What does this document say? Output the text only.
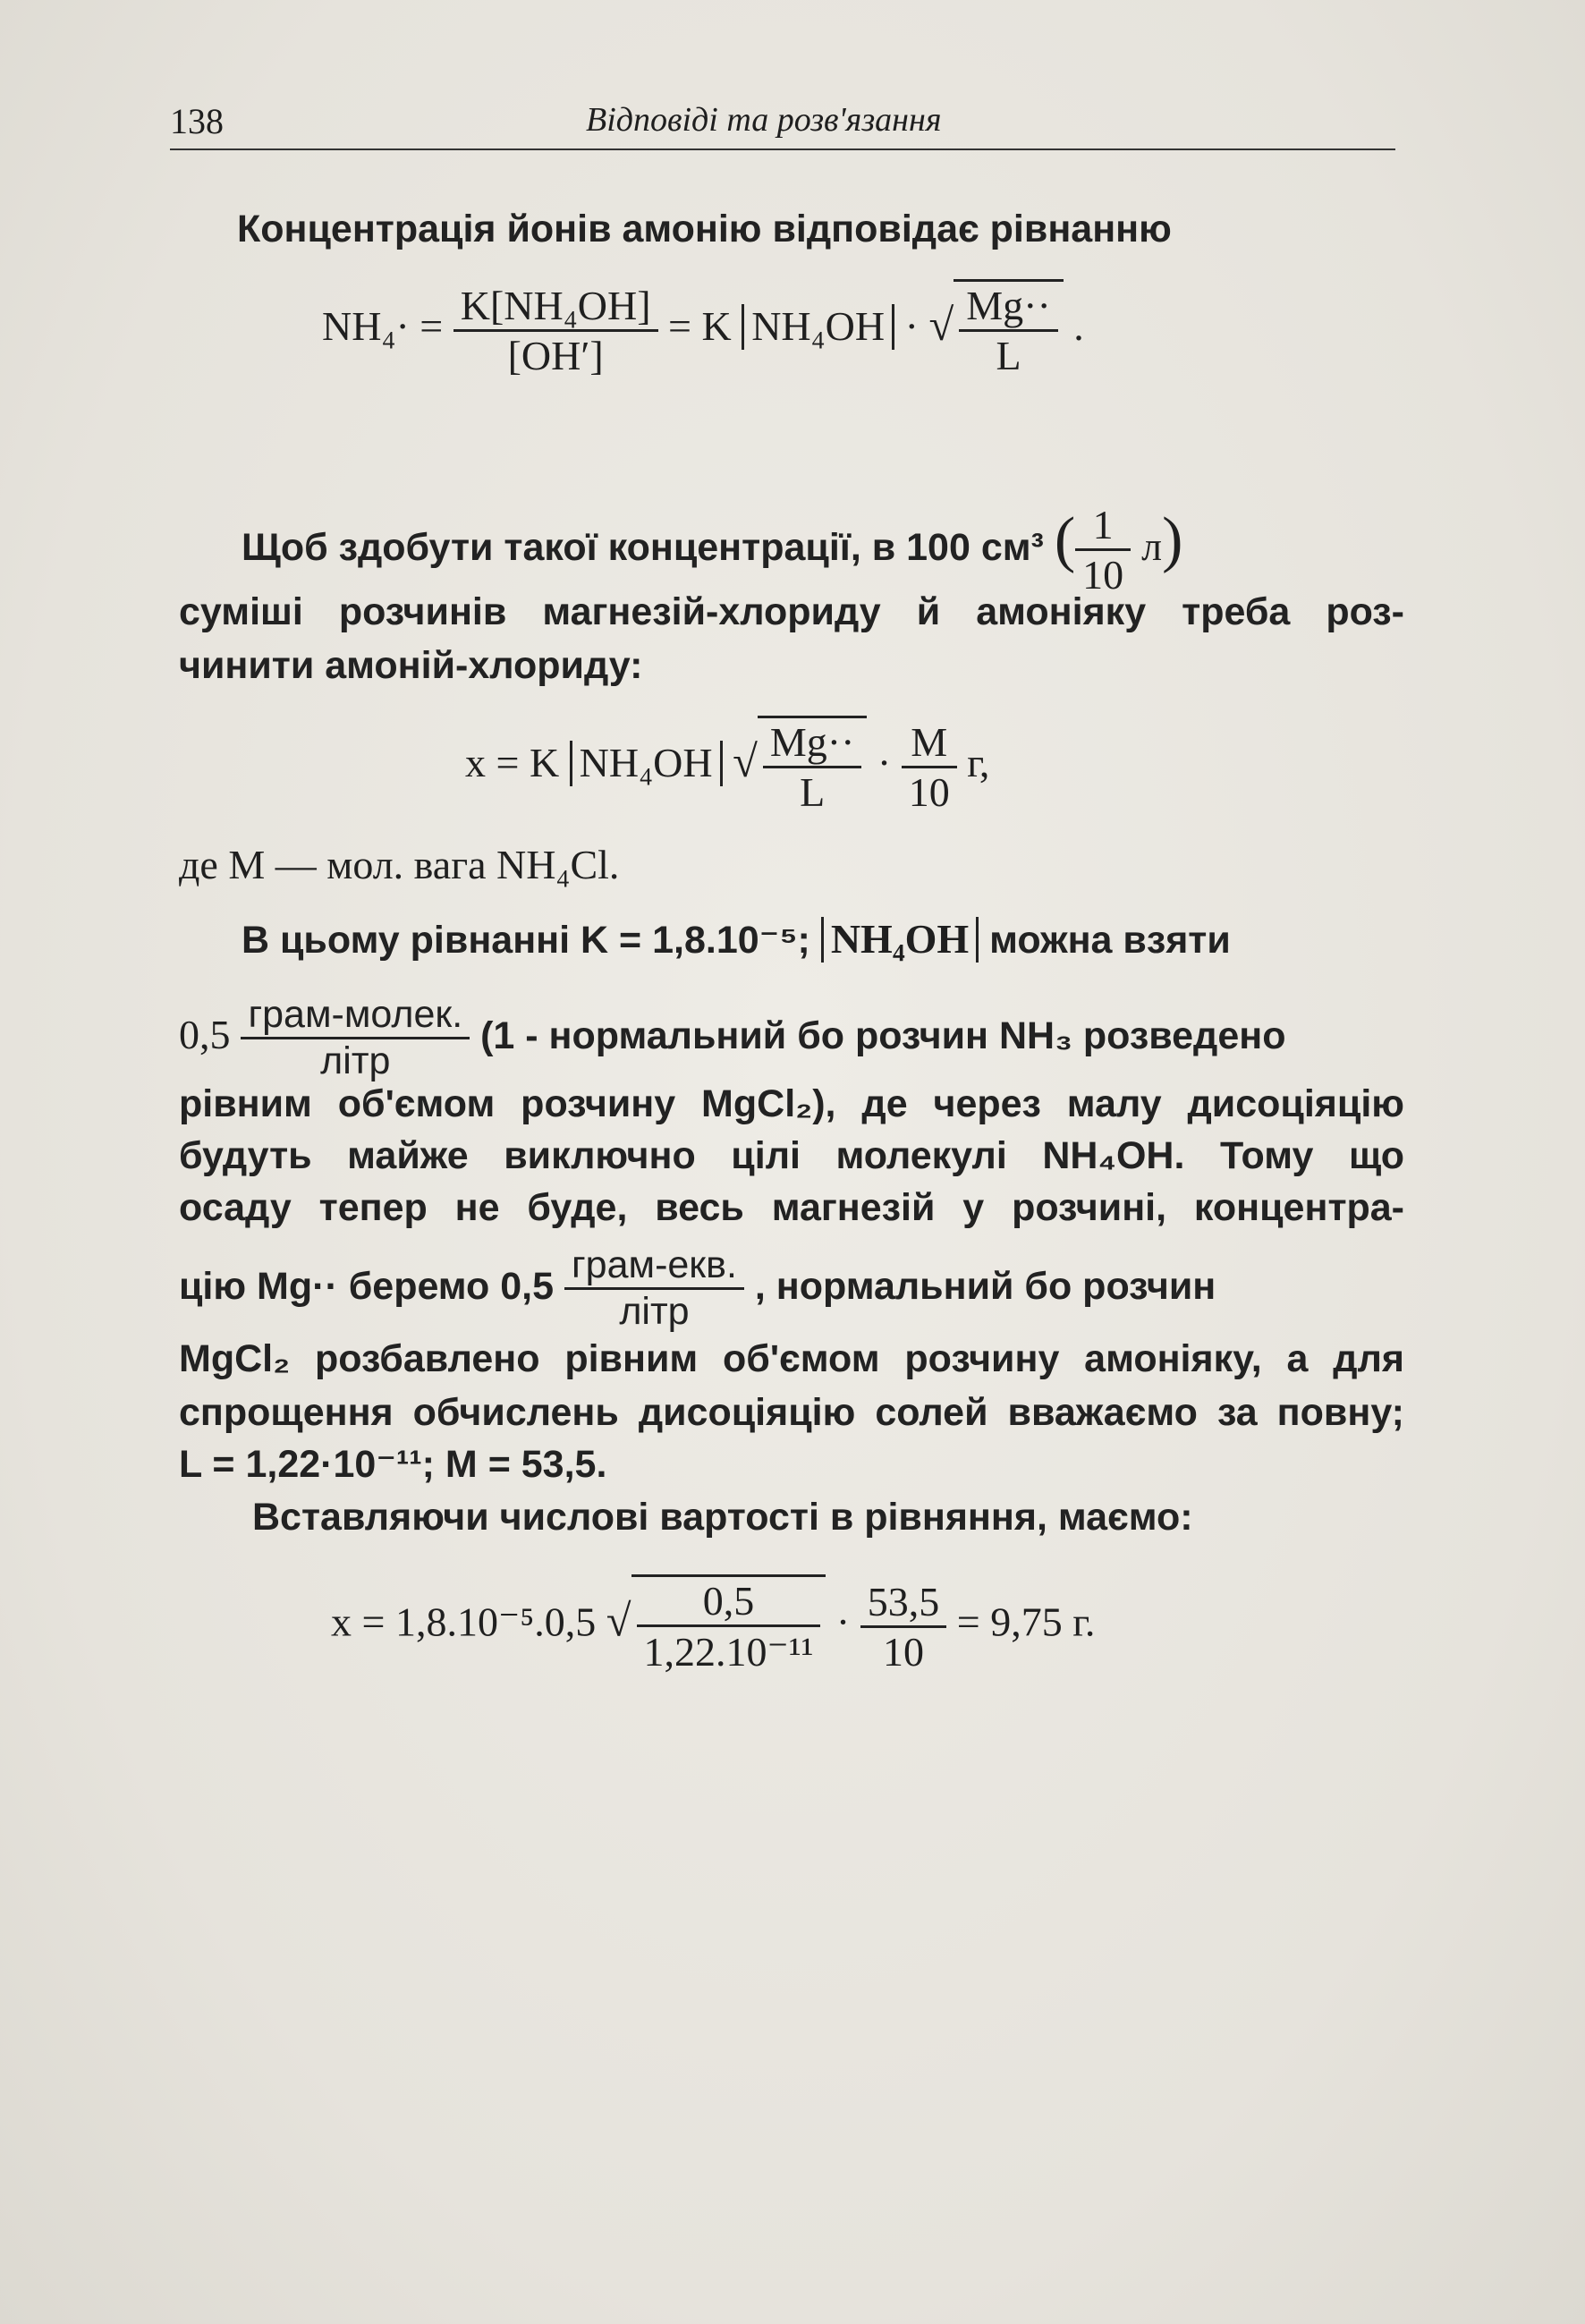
138	Відповіді та розв'язання
Концентрація йонів амонію відповідає рівнанню
$NH_4\cdot = \frac{\text{K[NH₄OH]}}{[OH']} = K$ NH₄OH · √ $\frac{Mg\cdot\cdot}{L}$ .
Щоб здобути такої концентрації, в 100 см³ ( $\frac{1}{10} л$)
суміші розчинів магнезій-хлориду й амоніяку треба роз-
чинити амоній-хлориду:
x = K NH₄OH √ $\frac{Mg\cdot\cdot}{L} \cdot \frac{M}{10} г$,
де M — мол. вага NH₄Cl.
В цьому рівнанні K = 1,8.10⁻⁵; NH₄OH можна взяти
$0,5 \frac{\text{грам-молек.}}{\text{літр}} (1$ - нормальний бо розчин NH₃ розведено
рівним об'ємом розчину MgCl₂), де через малу дисоціяцію
будуть майже виключно цілі молекулі NH₄OH. Тому що
осаду тепер не буде, весь магнезій у розчині, концентра-
цію Mg·· беремо $0,5 \frac{\text{грам-екв.}}{\text{літр}}$ , нормальний бо розчин
MgCl₂ розбавлено рівним об'ємом розчину амоніяку, а для
спрощення обчислень дисоціяцію солей вважаємо за повну;
L = 1,22·10⁻¹¹; M = 53,5.
Вставляючи числові вартості в рівняння, маємо:
x = 1,8.10⁻⁵.0,5 √ $\frac{0,5}{\text{1,22.10⁻¹¹}} \cdot \frac{53,5}{10} = 9,75$ г.
